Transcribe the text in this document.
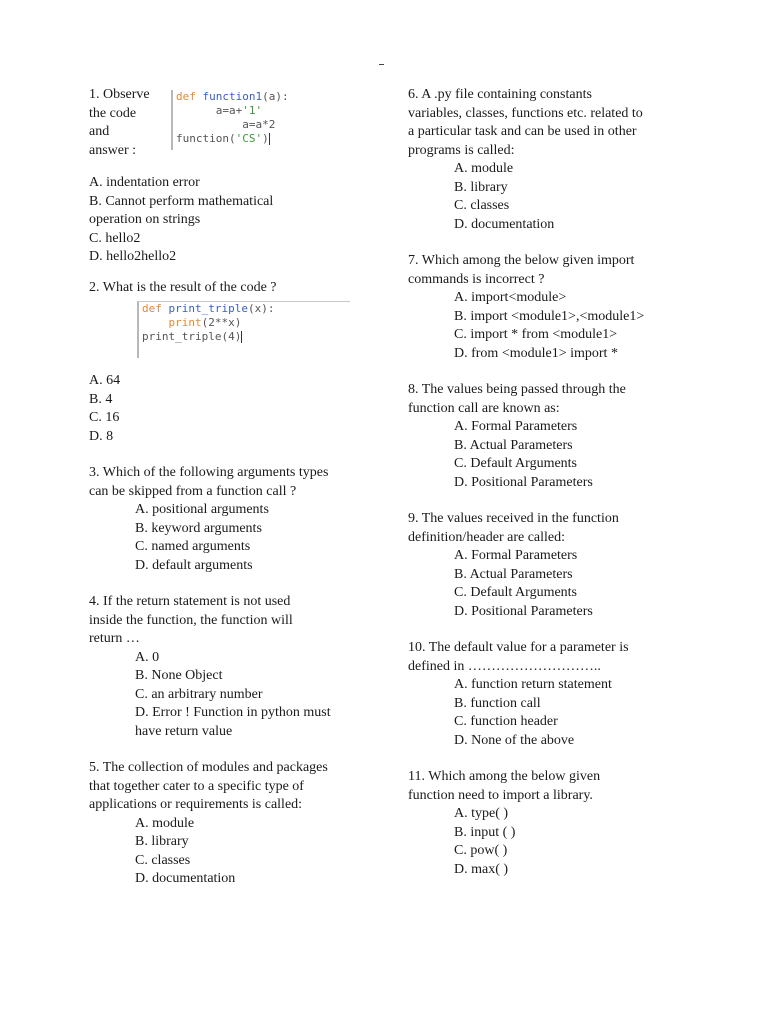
1. Observe
the code
and
answer :
def function1(a):
a=a+'1'
a=a*2
function('CS')
A. indentation error
B. Cannot perform mathematical
operation on strings
C. hello2
D. hello2hello2

2. What is the result of the code ?

def print_triple(x):
print(2**x)
print_triple(4)
A. 64
B. 4
C. 16
D. 8

3. Which of the following arguments types
can be skipped from a function call ?

A. positional arguments
B. keyword arguments
C. named arguments
D. default arguments

4. If the return statement is not used
inside the function, the function will
return …

A. 0
B. None Object
C. an arbitrary number
D. Error ! Function in python must
have return value

5. The collection of modules and packages
that together cater to a specific type of
applications or requirements is called:

A. module
B. library
C. classes
D. documentation

6. A .py file containing constants
variables, classes, functions etc. related to
a particular task and can be used in other
programs is called:

A. module
B. library
C. classes
D. documentation

7. Which among the below given import
commands is incorrect ?

A. import<module>
B. import <module1>,<module1>
C. import * from <module1>
D. from <module1> import *

8. The values being passed through the
function call are known as:

A. Formal Parameters
B. Actual Parameters
C. Default Arguments
D. Positional Parameters

9. The values received in the function
definition/header are called:

A. Formal Parameters
B. Actual Parameters
C. Default Arguments
D. Positional Parameters

10. The default value for a parameter is
defined in ………………………..

A. function return statement
B. function call
C. function header
D. None of the above

11. Which among the below given
function need to import a library.

A. type( )
B. input ( )
C. pow( )
D. max( )
